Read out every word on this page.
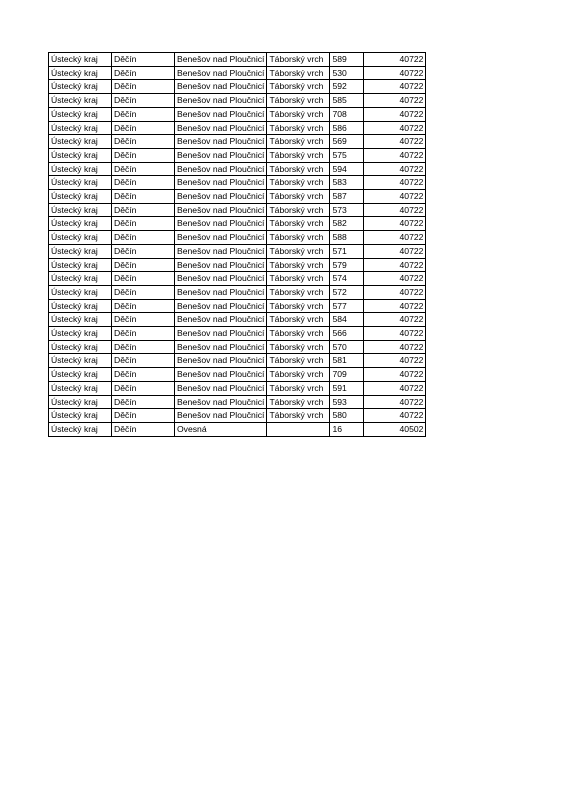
Ústecký kraj	Děčín	Benešov nad Ploučnicí	Táborský vrch	589	40722
Ústecký kraj	Děčín	Benešov nad Ploučnicí	Táborský vrch	530	40722
Ústecký kraj	Děčín	Benešov nad Ploučnicí	Táborský vrch	592	40722
Ústecký kraj	Děčín	Benešov nad Ploučnicí	Táborský vrch	585	40722
Ústecký kraj	Děčín	Benešov nad Ploučnicí	Táborský vrch	708	40722
Ústecký kraj	Děčín	Benešov nad Ploučnicí	Táborský vrch	586	40722
Ústecký kraj	Děčín	Benešov nad Ploučnicí	Táborský vrch	569	40722
Ústecký kraj	Děčín	Benešov nad Ploučnicí	Táborský vrch	575	40722
Ústecký kraj	Děčín	Benešov nad Ploučnicí	Táborský vrch	594	40722
Ústecký kraj	Děčín	Benešov nad Ploučnicí	Táborský vrch	583	40722
Ústecký kraj	Děčín	Benešov nad Ploučnicí	Táborský vrch	587	40722
Ústecký kraj	Děčín	Benešov nad Ploučnicí	Táborský vrch	573	40722
Ústecký kraj	Děčín	Benešov nad Ploučnicí	Táborský vrch	582	40722
Ústecký kraj	Děčín	Benešov nad Ploučnicí	Táborský vrch	588	40722
Ústecký kraj	Děčín	Benešov nad Ploučnicí	Táborský vrch	571	40722
Ústecký kraj	Děčín	Benešov nad Ploučnicí	Táborský vrch	579	40722
Ústecký kraj	Děčín	Benešov nad Ploučnicí	Táborský vrch	574	40722
Ústecký kraj	Děčín	Benešov nad Ploučnicí	Táborský vrch	572	40722
Ústecký kraj	Děčín	Benešov nad Ploučnicí	Táborský vrch	577	40722
Ústecký kraj	Děčín	Benešov nad Ploučnicí	Táborský vrch	584	40722
Ústecký kraj	Děčín	Benešov nad Ploučnicí	Táborský vrch	566	40722
Ústecký kraj	Děčín	Benešov nad Ploučnicí	Táborský vrch	570	40722
Ústecký kraj	Děčín	Benešov nad Ploučnicí	Táborský vrch	581	40722
Ústecký kraj	Děčín	Benešov nad Ploučnicí	Táborský vrch	709	40722
Ústecký kraj	Děčín	Benešov nad Ploučnicí	Táborský vrch	591	40722
Ústecký kraj	Děčín	Benešov nad Ploučnicí	Táborský vrch	593	40722
Ústecký kraj	Děčín	Benešov nad Ploučnicí	Táborský vrch	580	40722
Ústecký kraj	Děčín	Ovesná		16	40502
